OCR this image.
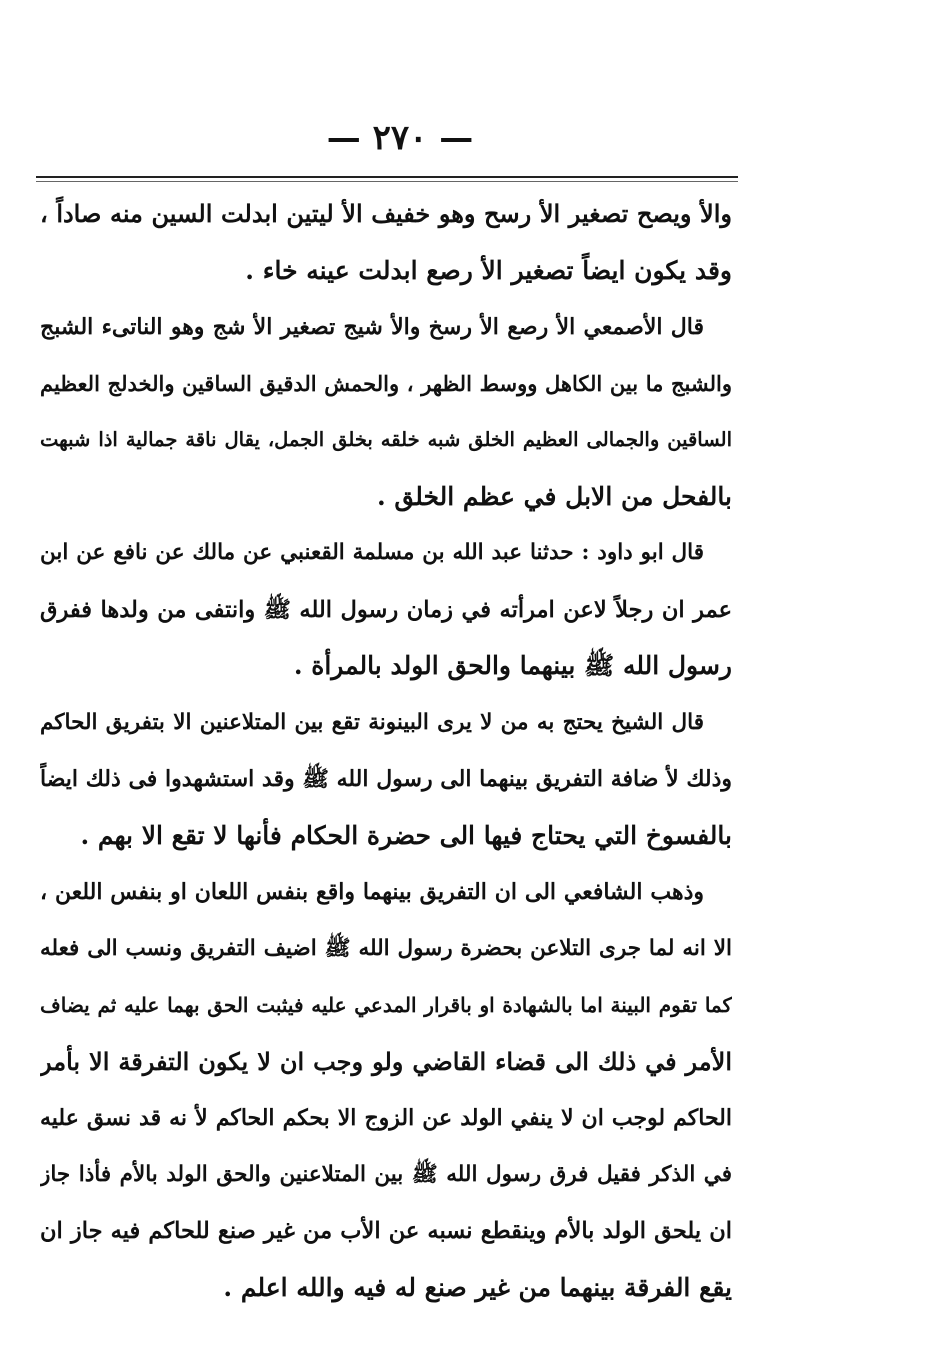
— ٢٧٠ —
والأ ويصح تصغير الأ رسح وهو خفيف الأ ليتين ابدلت السين منه صاداً ،
وقد يكون ايضاً تصغير الأ رصع ابدلت عينه خاء .
قال الأصمعي الأ رصع الأ رسخ والأ شيج تصغير الأ شج وهو الناتىء الشبج
والشبج ما بين الكاهل ووسط الظهر ، والحمش الدقيق الساقين والخدلج العظيم
الساقين والجمالى العظيم الخلق شبه خلقه بخلق الجمل، يقال ناقة جمالية اذا شبهت
بالفحل من الابل في عظم الخلق .
قال ابو داود : حدثنا عبد الله بن مسلمة القعنبي عن مالك عن نافع عن ابن
عمر ان رجلاً لاعن امرأته في زمان رسول الله ﷺ وانتفى من ولدها ففرق
رسول الله ﷺ بينهما والحق الولد بالمرأة .
قال الشيخ يحتج به من لا يرى البينونة تقع بين المتلاعنين الا بتفريق الحاكم
وذلك لأ ضافة التفريق بينهما الى رسول الله ﷺ وقد استشهدوا فى ذلك ايضاً
بالفسوخ التي يحتاج فيها الى حضرة الحكام فأنها لا تقع الا بهم .
وذهب الشافعي الى ان التفريق بينهما واقع بنفس اللعان او بنفس اللعن ،
الا انه لما جرى التلاعن بحضرة رسول الله ﷺ اضيف التفريق ونسب الى فعله
كما تقوم البينة اما بالشهادة او باقرار المدعي عليه فيثبت الحق بهما عليه ثم يضاف
الأمر في ذلك الى قضاء القاضي ولو وجب ان لا يكون التفرقة الا بأمر
الحاكم لوجب ان لا ينفي الولد عن الزوج الا بحكم الحاكم لأ نه قد نسق عليه
في الذكر فقيل فرق رسول الله ﷺ بين المتلاعنين والحق الولد بالأم فأذا جاز
ان يلحق الولد بالأم وينقطع نسبه عن الأب من غير صنع للحاكم فيه جاز ان
يقع الفرقة بينهما من غير صنع له فيه والله اعلم .
